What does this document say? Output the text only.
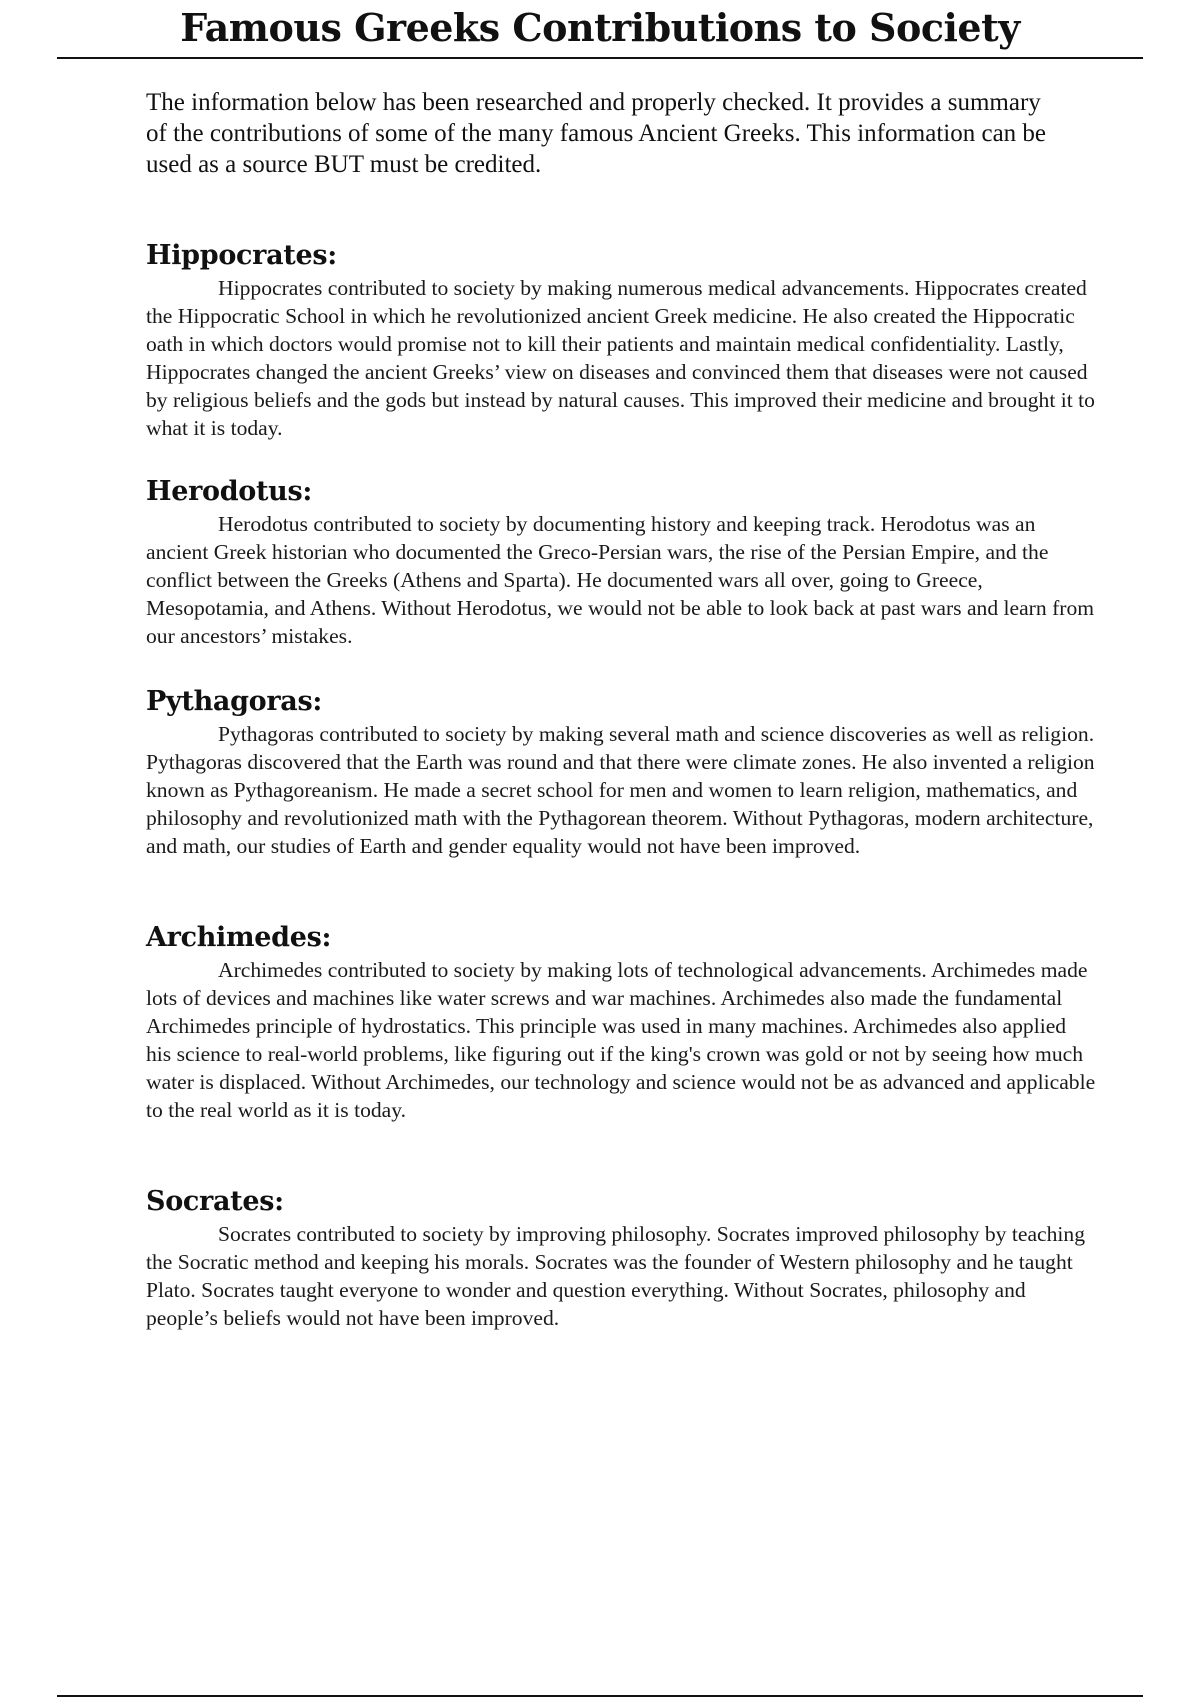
Famous Greeks Contributions to Society

The information below has been researched and properly checked. It provides a summary of the contributions of some of the many famous Ancient Greeks. This information can be used as a source BUT must be credited.

Hippocrates:

Hippocrates contributed to society by making numerous medical advancements. Hippocrates created the Hippocratic School in which he revolutionized ancient Greek medicine. He also created the Hippocratic oath in which doctors would promise not to kill their patients and maintain medical confidentiality. Lastly, Hippocrates changed the ancient Greeks’ view on diseases and convinced them that diseases were not caused by religious beliefs and the gods but instead by natural causes. This improved their medicine and brought it to what it is today.

Herodotus:

Herodotus contributed to society by documenting history and keeping track. Herodotus was an ancient Greek historian who documented the Greco-Persian wars, the rise of the Persian Empire, and the conflict between the Greeks (Athens and Sparta). He documented wars all over, going to Greece, Mesopotamia, and Athens. Without Herodotus, we would not be able to look back at past wars and learn from our ancestors’ mistakes.

Pythagoras:

Pythagoras contributed to society by making several math and science discoveries as well as religion. Pythagoras discovered that the Earth was round and that there were climate zones. He also invented a religion known as Pythagoreanism. He made a secret school for men and women to learn religion, mathematics, and philosophy and revolutionized math with the Pythagorean theorem. Without Pythagoras, modern architecture, and math, our studies of Earth and gender equality would not have been improved.

Archimedes:

Archimedes contributed to society by making lots of technological advancements. Archimedes made lots of devices and machines like water screws and war machines. Archimedes also made the fundamental Archimedes principle of hydrostatics. This principle was used in many machines. Archimedes also applied his science to real-world problems, like figuring out if the king's crown was gold or not by seeing how much water is displaced. Without Archimedes, our technology and science would not be as advanced and applicable to the real world as it is today.

Socrates:

Socrates contributed to society by improving philosophy. Socrates improved philosophy by teaching the Socratic method and keeping his morals. Socrates was the founder of Western philosophy and he taught Plato. Socrates taught everyone to wonder and question everything. Without Socrates, philosophy and people’s beliefs would not have been improved.
